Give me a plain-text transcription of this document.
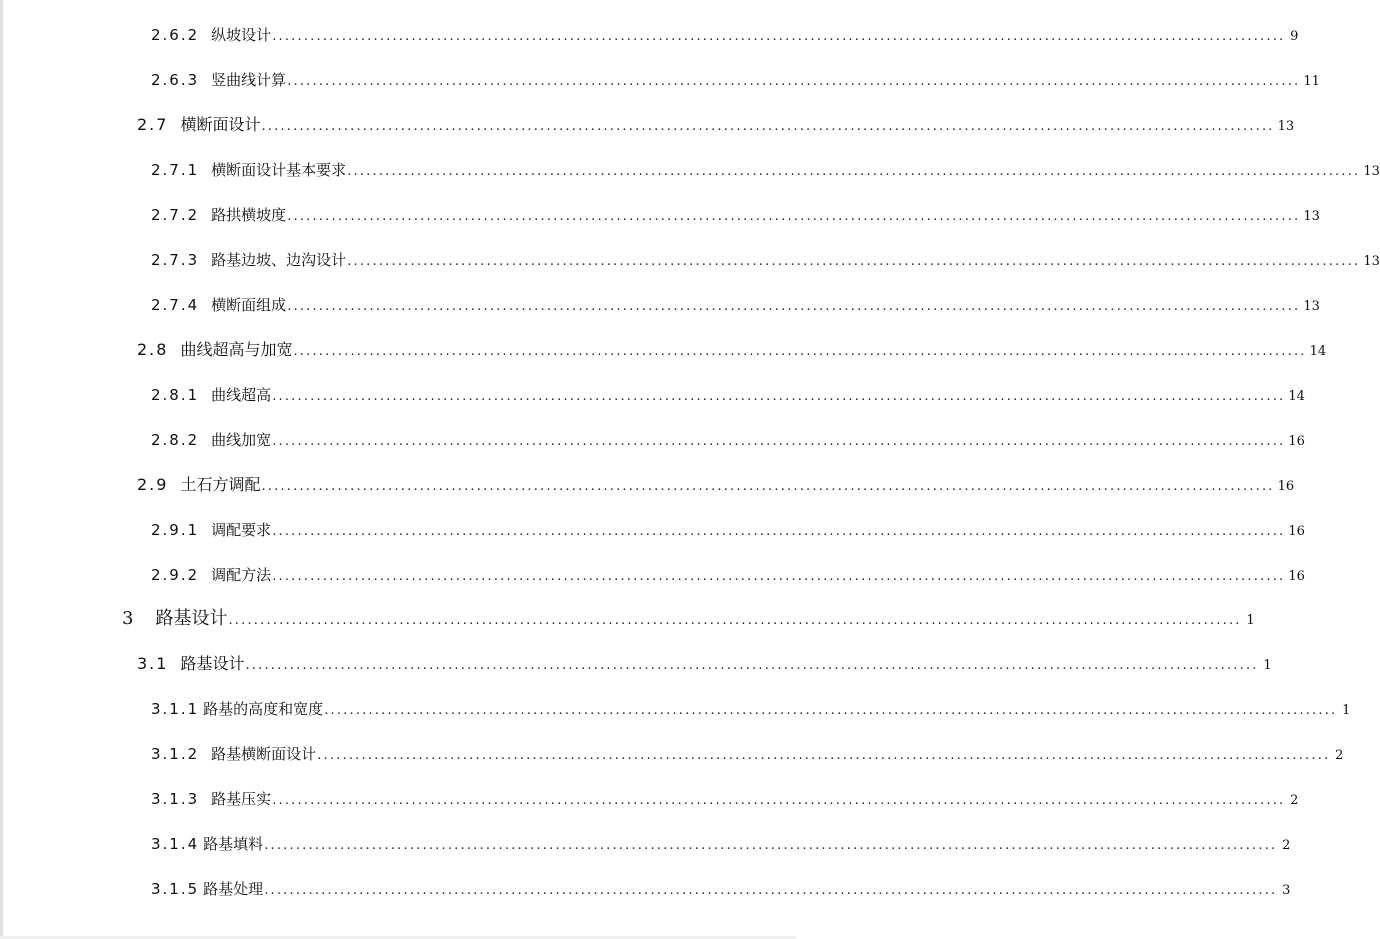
2.6.2 纵坡设计 ................................................................................................................................................................ 9
2.6.3 竖曲线计算 ................................................................................................................................................................ 11
2.7 横断面设计 ................................................................................................................................................................ 13
2.7.1 横断面设计基本要求 ................................................................................................................................................................ 13
2.7.2 路拱横坡度 ................................................................................................................................................................ 13
2.7.3 路基边坡、边沟设计 ................................................................................................................................................................ 13
2.7.4 横断面组成 ................................................................................................................................................................ 13
2.8 曲线超高与加宽 ................................................................................................................................................................ 14
2.8.1 曲线超高 ................................................................................................................................................................ 14
2.8.2 曲线加宽 ................................................................................................................................................................ 16
2.9 土石方调配 ................................................................................................................................................................ 16
2.9.1 调配要求 ................................................................................................................................................................ 16
2.9.2 调配方法 ................................................................................................................................................................ 16
3 路基设计 ................................................................................................................................................................ 1
3.1 路基设计 ................................................................................................................................................................ 1
3.1.1 路基的高度和宽度 ................................................................................................................................................................ 1
3.1.2 路基横断面设计 ................................................................................................................................................................ 2
3.1.3 路基压实 ................................................................................................................................................................ 2
3.1.4 路基填料 ................................................................................................................................................................ 2
3.1.5 路基处理 ................................................................................................................................................................ 3
